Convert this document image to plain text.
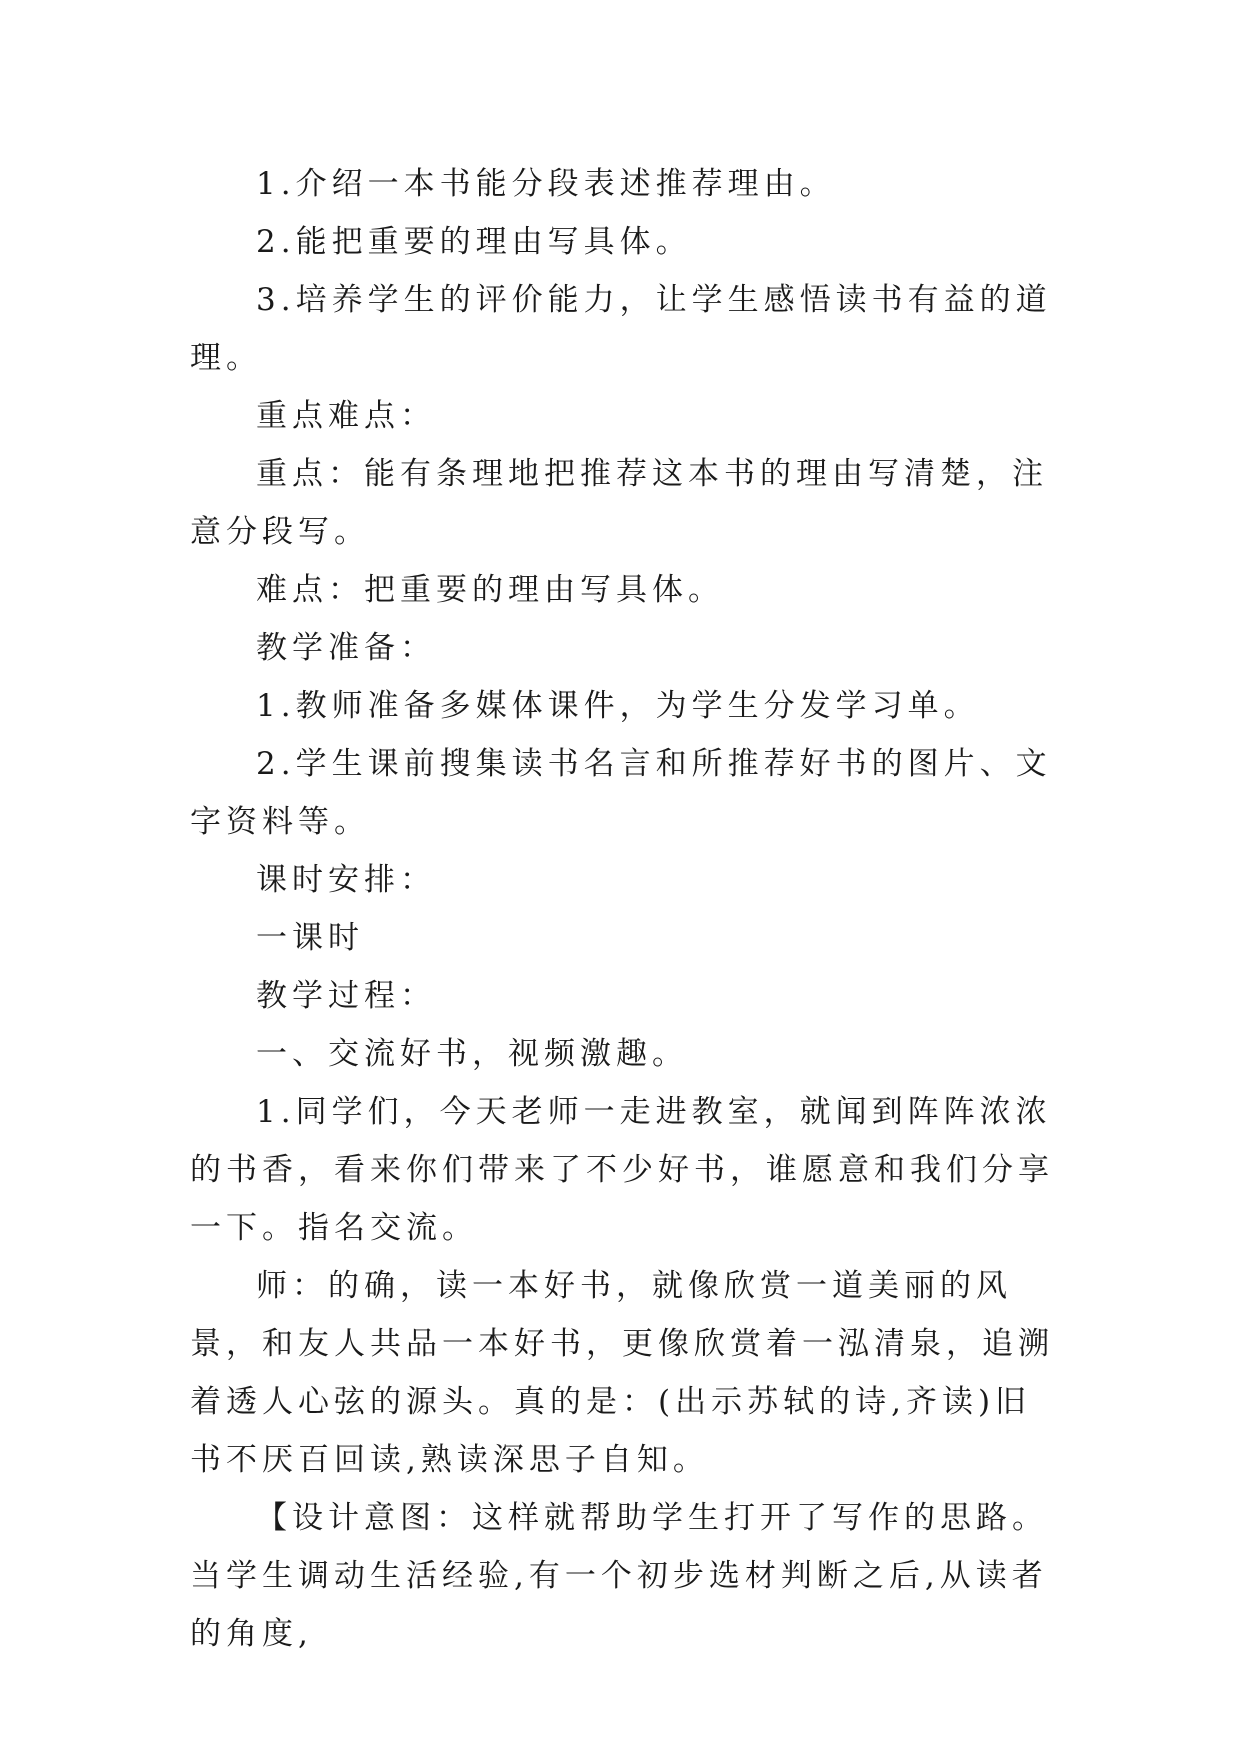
1.介绍一本书能分段表述推荐理由。

2.能把重要的理由写具体。

3.培养学生的评价能力，让学生感悟读书有益的道理。

重点难点：

重点：能有条理地把推荐这本书的理由写清楚，注意分段写。

难点：把重要的理由写具体。

教学准备：

1.教师准备多媒体课件，为学生分发学习单。

2.学生课前搜集读书名言和所推荐好书的图片、文字资料等。

课时安排：

一课时

教学过程：

一、交流好书，视频激趣。

1.同学们，今天老师一走进教室，就闻到阵阵浓浓的书香，看来你们带来了不少好书，谁愿意和我们分享一下。指名交流。

师：的确，读一本好书，就像欣赏一道美丽的风景，和友人共品一本好书，更像欣赏着一泓清泉，追溯着透人心弦的源头。真的是：(出示苏轼的诗,齐读)旧书不厌百回读,熟读深思子自知。

【设计意图：这样就帮助学生打开了写作的思路。当学生调动生活经验,有一个初步选材判断之后,从读者的角度,
